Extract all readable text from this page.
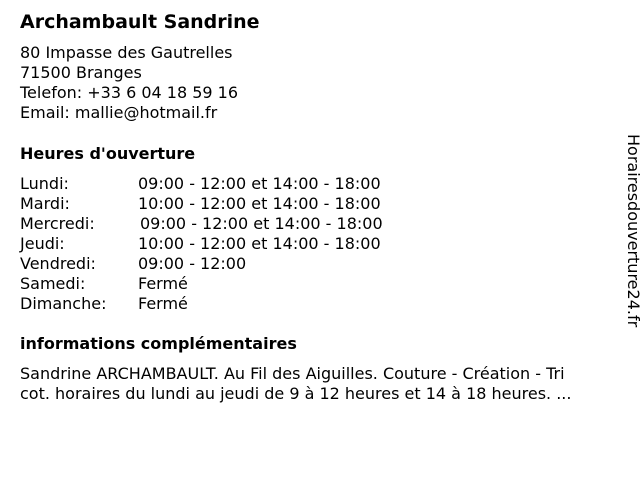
Archambault Sandrine
80 Impasse des Gautrelles
71500 Branges
Telefon: +33 6 04 18 59 16
Email: mallie@hotmail.fr
Heures d'ouverture
Lundi:	09:00 - 12:00 et 14:00 - 18:00
Mardi:	10:00 - 12:00 et 14:00 - 18:00
Mercredi:	09:00 - 12:00 et 14:00 - 18:00
Jeudi:	10:00 - 12:00 et 14:00 - 18:00
Vendredi:	09:00 - 12:00
Samedi:	Fermé
Dimanche: Fermé
informations complémentaires
Sandrine ARCHAMBAULT. Au Fil des Aiguilles. Couture - Création - Tri
cot. horaires du lundi au jeudi de 9 à 12 heures et 14 à 18 heures. ...
Horairesdouverture24.fr
